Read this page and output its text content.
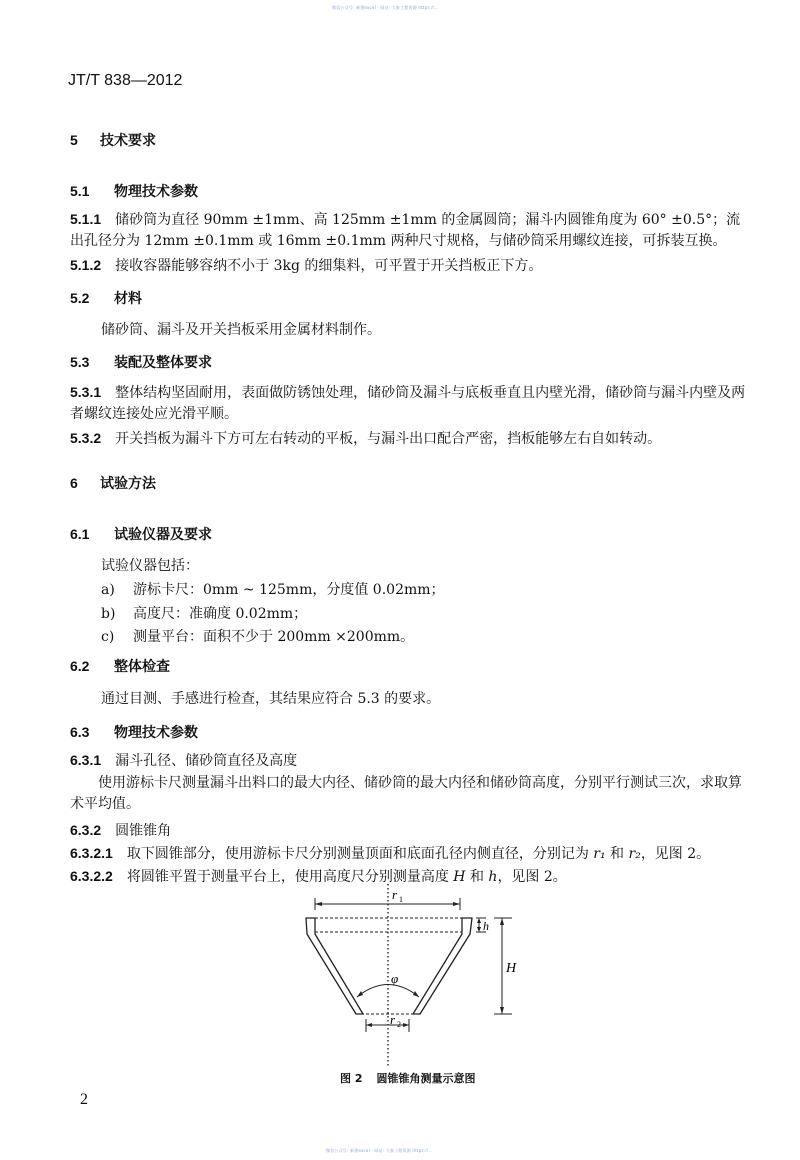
微信公众号: 新建excel · 网站: 大象工程资源 https://...
JT/T 838—2012
5 技术要求
5.1 物理技术参数
5.1.1 储砂筒为直径 90mm ±1mm、高 125mm ±1mm 的金属圆筒；漏斗内圆锥角度为 60° ±0.5°；流出孔径分为 12mm ±0.1mm 或 16mm ±0.1mm 两种尺寸规格，与储砂筒采用螺纹连接，可拆装互换。
5.1.2 接收容器能够容纳不小于 3kg 的细集料，可平置于开关挡板正下方。
5.2 材料
储砂筒、漏斗及开关挡板采用金属材料制作。
5.3 装配及整体要求
5.3.1 整体结构坚固耐用，表面做防锈蚀处理，储砂筒及漏斗与底板垂直且内壁光滑，储砂筒与漏斗内壁及两者螺纹连接处应光滑平顺。
5.3.2 开关挡板为漏斗下方可左右转动的平板，与漏斗出口配合严密，挡板能够左右自如转动。
6 试验方法
6.1 试验仪器及要求
试验仪器包括：
a) 游标卡尺：0mm ~ 125mm，分度值 0.02mm；
b) 高度尺：准确度 0.02mm；
c) 测量平台：面积不少于 200mm ×200mm。
6.2 整体检查
通过目测、手感进行检查，其结果应符合 5.3 的要求。
6.3 物理技术参数
6.3.1 漏斗孔径、储砂筒直径及高度
使用游标卡尺测量漏斗出料口的最大内径、储砂筒的最大内径和储砂筒高度，分别平行测试三次，求取算术平均值。
6.3.2 圆锥锥角
6.3.2.1 取下圆锥部分，使用游标卡尺分别测量顶面和底面孔径内侧直径，分别记为 r₁ 和 r₂，见图 2。
6.3.2.2 将圆锥平置于测量平台上，使用高度尺分别测量高度 H 和 h，见图 2。
r 1
φ
r 2
h
H
图 2 圆锥锥角测量示意图
2
微信公众号: 新建excel · 网站: 大象工程资源 https://...
